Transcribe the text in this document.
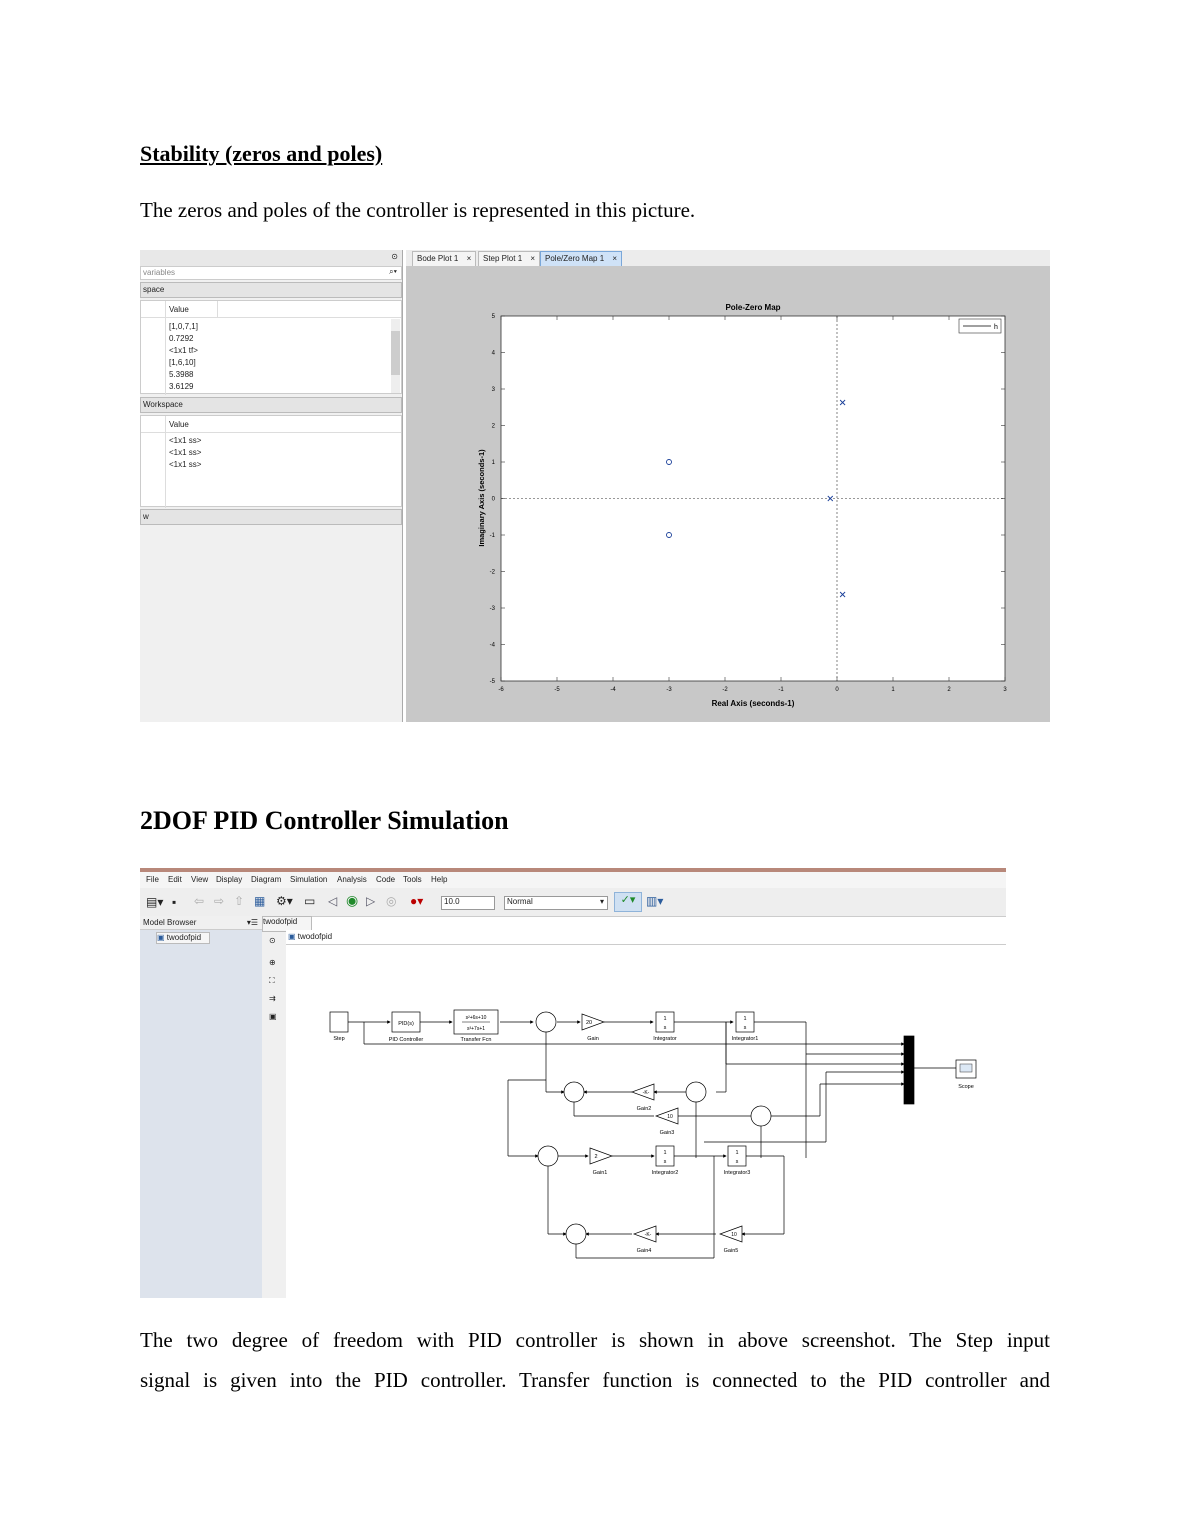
Stability (zeros and poles)
The zeros and poles of the controller is represented in this picture.
⊙
variables	⌕▾
space
Value
[1,0,7,1]
0.7292
<1x1 tf>
[1,6,10]
5.3988
3.6129
Workspace
Value
<1x1 ss>
<1x1 ss>
<1x1 ss>
w
Bode Plot 1 ×	Step Plot 1 ×	Pole/Zero Map 1 ×
-6	-5	-4	-3	-2	-1	0	1	2	3
-5
-4
-3
-2
-1
0
1
2
3
4
5
Pole-Zero Map
Real Axis (seconds-1)
Imaginary Axis (seconds-1)
h
2DOF PID Controller Simulation
File Edit View Display Diagram Simulation Analysis Code Tools Help
▤▾ ▪ ⇦ ⇨ ⇧ ▦ ⚙▾ ▭ ◁ ◉ ▷ ◎ ●▾	10.0	Normal	▾	✓▾ ▥▾
Model Browser	▾☰
▣ twodofpid	⊙
⊕
⛶
⇉
▣
twodofpid
▣ twodofpid
Step
PID(s)
PID Controller
s²+6s+10
s³+7s+1
Transfer Fcn
20
Gain
1
s
Integrator
1
s
Integrator1
Scope
-K-
Gain2
10
Gain3
2
Gain1
1
s
Integrator2
1
s
Integrator3
-K-
Gain4
10
Gain5
The two degree of freedom with PID controller is shown in above screenshot. The Step input
signal is given into the PID controller. Transfer function is connected to the PID controller and
